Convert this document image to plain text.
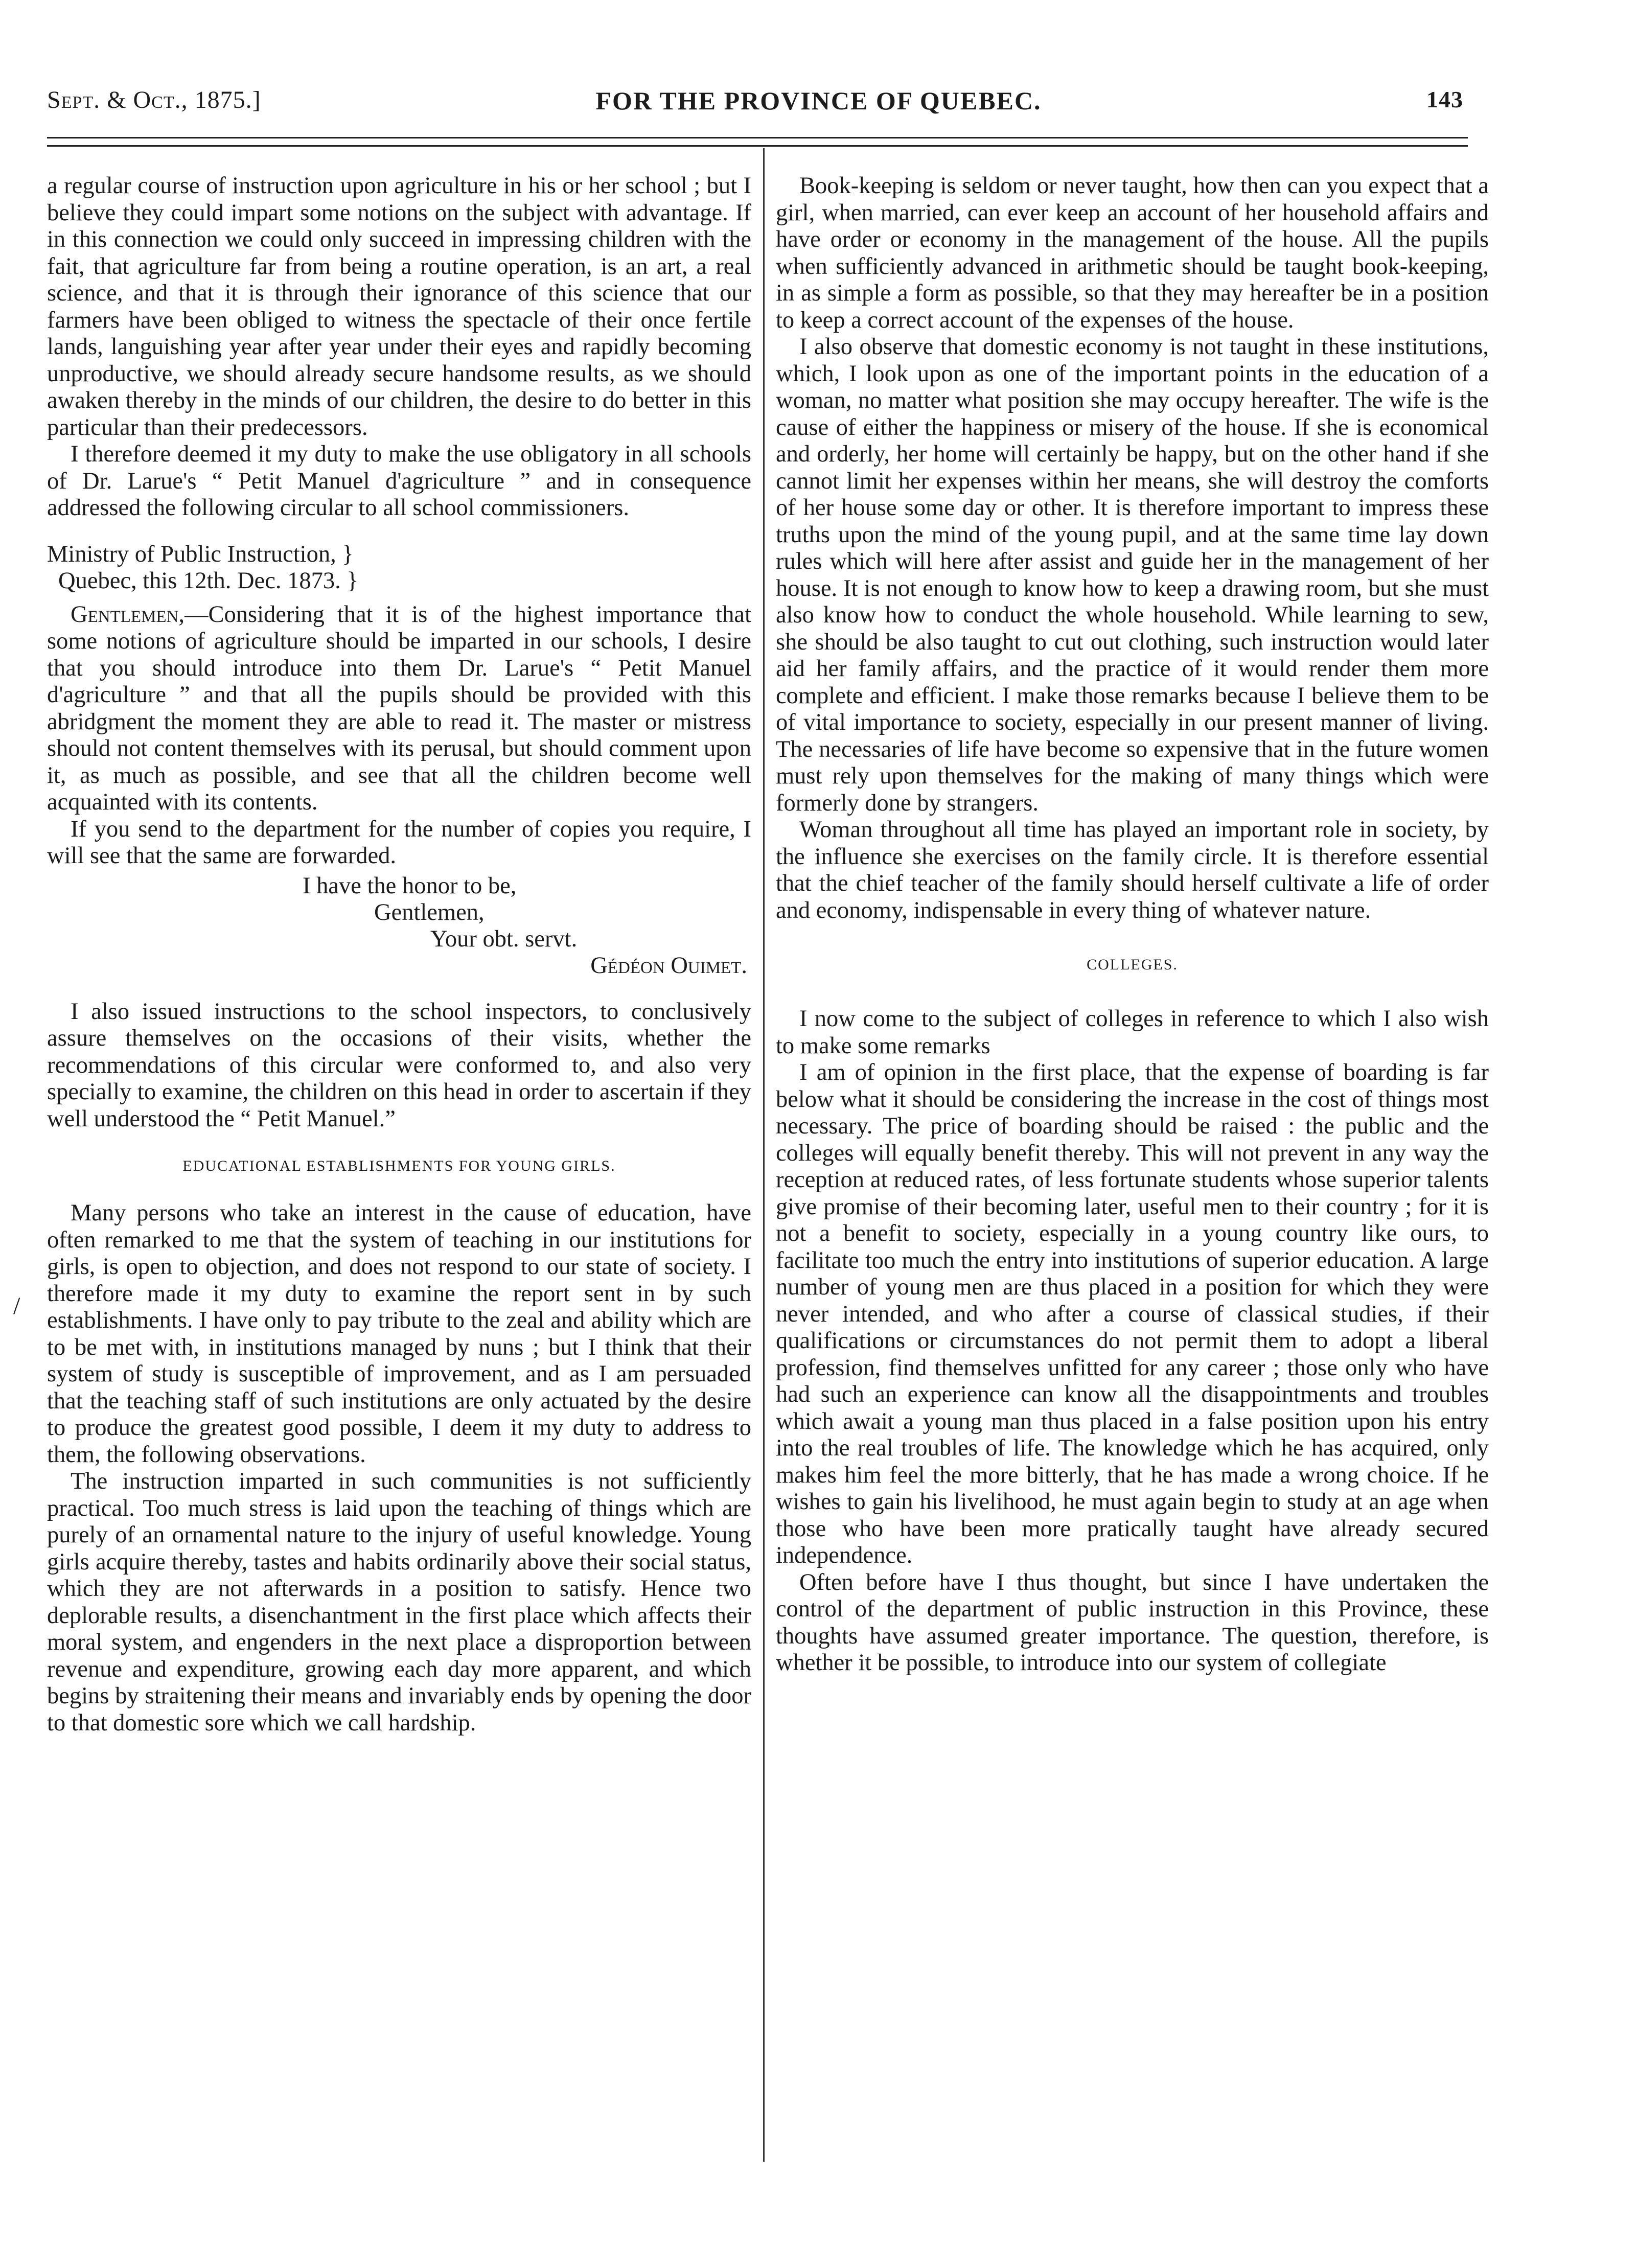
Sept. & Oct., 1875.]	FOR THE PROVINCE OF QUEBEC.	143
/

a regular course of instruction upon agriculture in his or her school ; but I believe they could impart some notions on the subject with advantage. If in this connection we could only succeed in impressing children with the fait, that agriculture far from being a routine operation, is an art, a real science, and that it is through their ignorance of this science that our farmers have been obliged to witness the spectacle of their once fertile lands, languishing year after year under their eyes and rapidly becoming unproductive, we should already secure handsome results, as we should awaken thereby in the minds of our children, the desire to do better in this particular than their predecessors.

I therefore deemed it my duty to make the use obligatory in all schools of Dr. Larue's “ Petit Manuel d'agriculture ” and in consequence addressed the following circular to all school commissioners.

Ministry of Public Instruction, }
Quebec, this 12th. Dec. 1873. }

Gentlemen,—Considering that it is of the highest importance that some notions of agriculture should be imparted in our schools, I desire that you should introduce into them Dr. Larue's “ Petit Manuel d'agriculture ” and that all the pupils should be provided with this abridgment the moment they are able to read it. The master or mistress should not content themselves with its perusal, but should comment upon it, as much as possible, and see that all the children become well acquainted with its contents.

If you send to the department for the number of copies you require, I will see that the same are forwarded.

I have the honor to be,
Gentlemen,
Your obt. servt.
Gédéon Ouimet.

I also issued instructions to the school inspectors, to conclusively assure themselves on the occasions of their visits, whether the recommendations of this circular were conformed to, and also very specially to examine, the children on this head in order to ascertain if they well understood the “ Petit Manuel.”

EDUCATIONAL ESTABLISHMENTS FOR YOUNG GIRLS.

Many persons who take an interest in the cause of education, have often remarked to me that the system of teaching in our institutions for girls, is open to objection, and does not respond to our state of society. I therefore made it my duty to examine the report sent in by such establishments. I have only to pay tribute to the zeal and ability which are to be met with, in institutions managed by nuns ; but I think that their system of study is susceptible of improvement, and as I am persuaded that the teaching staff of such institutions are only actuated by the desire to produce the greatest good possible, I deem it my duty to address to them, the following observations.

The instruction imparted in such communities is not sufficiently practical. Too much stress is laid upon the teaching of things which are purely of an ornamental nature to the injury of useful knowledge. Young girls acquire thereby, tastes and habits ordinarily above their social status, which they are not afterwards in a position to satisfy. Hence two deplorable results, a disenchantment in the first place which affects their moral system, and engenders in the next place a disproportion between revenue and expenditure, growing each day more apparent, and which begins by straitening their means and invariably ends by opening the door to that domestic sore which we call hardship.

Book-keeping is seldom or never taught, how then can you expect that a girl, when married, can ever keep an account of her household affairs and have order or economy in the management of the house. All the pupils when sufficiently advanced in arithmetic should be taught book-keeping, in as simple a form as possible, so that they may hereafter be in a position to keep a correct account of the expenses of the house.

I also observe that domestic economy is not taught in these institutions, which, I look upon as one of the important points in the education of a woman, no matter what position she may occupy hereafter. The wife is the cause of either the happiness or misery of the house. If she is economical and orderly, her home will certainly be happy, but on the other hand if she cannot limit her expenses within her means, she will destroy the comforts of her house some day or other. It is therefore important to impress these truths upon the mind of the young pupil, and at the same time lay down rules which will here after assist and guide her in the management of her house. It is not enough to know how to keep a drawing room, but she must also know how to conduct the whole household. While learning to sew, she should be also taught to cut out clothing, such instruction would later aid her family affairs, and the practice of it would render them more complete and efficient. I make those remarks because I believe them to be of vital importance to society, especially in our present manner of living. The necessaries of life have become so expensive that in the future women must rely upon themselves for the making of many things which were formerly done by strangers.

Woman throughout all time has played an important role in society, by the influence she exercises on the family circle. It is therefore essential that the chief teacher of the family should herself cultivate a life of order and economy, indispensable in every thing of whatever nature.

COLLEGES.

I now come to the subject of colleges in reference to which I also wish to make some remarks

I am of opinion in the first place, that the expense of boarding is far below what it should be considering the increase in the cost of things most necessary. The price of boarding should be raised : the public and the colleges will equally benefit thereby. This will not prevent in any way the reception at reduced rates, of less fortunate students whose superior talents give promise of their becoming later, useful men to their country ; for it is not a benefit to society, especially in a young country like ours, to facilitate too much the entry into institutions of superior education. A large number of young men are thus placed in a position for which they were never intended, and who after a course of classical studies, if their qualifications or circumstances do not permit them to adopt a liberal profession, find themselves unfitted for any career ; those only who have had such an experience can know all the disappointments and troubles which await a young man thus placed in a false position upon his entry into the real troubles of life. The knowledge which he has acquired, only makes him feel the more bitterly, that he has made a wrong choice. If he wishes to gain his livelihood, he must again begin to study at an age when those who have been more pratically taught have already secured independence.

Often before have I thus thought, but since I have undertaken the control of the department of public instruction in this Province, these thoughts have assumed greater importance. The question, therefore, is whether it be possible, to introduce into our system of collegiate
